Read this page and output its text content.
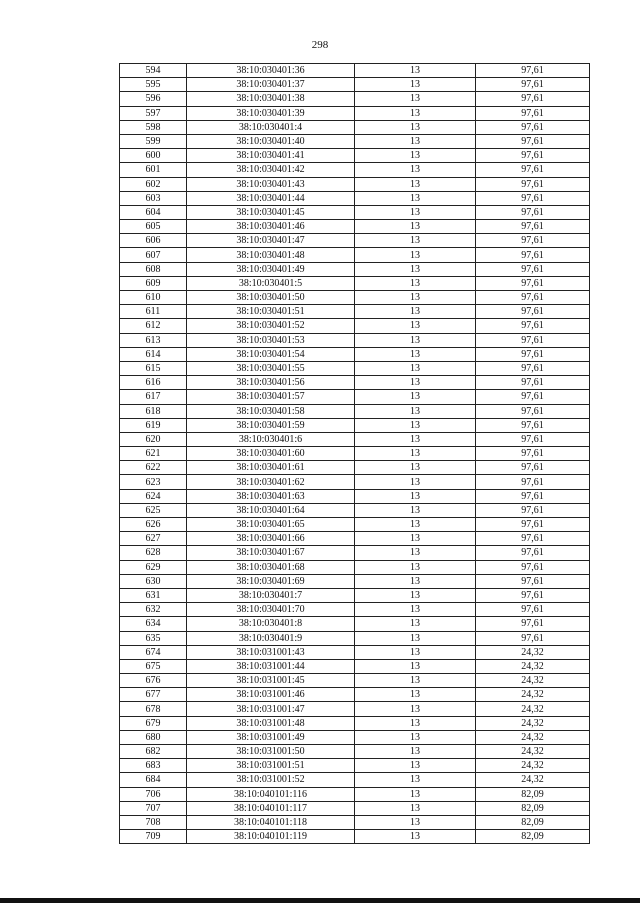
298
594	38:10:030401:36	13	97,61
595	38:10:030401:37	13	97,61
596	38:10:030401:38	13	97,61
597	38:10:030401:39	13	97,61
598	38:10:030401:4	13	97,61
599	38:10:030401:40	13	97,61
600	38:10:030401:41	13	97,61
601	38:10:030401:42	13	97,61
602	38:10:030401:43	13	97,61
603	38:10:030401:44	13	97,61
604	38:10:030401:45	13	97,61
605	38:10:030401:46	13	97,61
606	38:10:030401:47	13	97,61
607	38:10:030401:48	13	97,61
608	38:10:030401:49	13	97,61
609	38:10:030401:5	13	97,61
610	38:10:030401:50	13	97,61
611	38:10:030401:51	13	97,61
612	38:10:030401:52	13	97,61
613	38:10:030401:53	13	97,61
614	38:10:030401:54	13	97,61
615	38:10:030401:55	13	97,61
616	38:10:030401:56	13	97,61
617	38:10:030401:57	13	97,61
618	38:10:030401:58	13	97,61
619	38:10:030401:59	13	97,61
620	38:10:030401:6	13	97,61
621	38:10:030401:60	13	97,61
622	38:10:030401:61	13	97,61
623	38:10:030401:62	13	97,61
624	38:10:030401:63	13	97,61
625	38:10:030401:64	13	97,61
626	38:10:030401:65	13	97,61
627	38:10:030401:66	13	97,61
628	38:10:030401:67	13	97,61
629	38:10:030401:68	13	97,61
630	38:10:030401:69	13	97,61
631	38:10:030401:7	13	97,61
632	38:10:030401:70	13	97,61
634	38:10:030401:8	13	97,61
635	38:10:030401:9	13	97,61
674	38:10:031001:43	13	24,32
675	38:10:031001:44	13	24,32
676	38:10:031001:45	13	24,32
677	38:10:031001:46	13	24,32
678	38:10:031001:47	13	24,32
679	38:10:031001:48	13	24,32
680	38:10:031001:49	13	24,32
682	38:10:031001:50	13	24,32
683	38:10:031001:51	13	24,32
684	38:10:031001:52	13	24,32
706	38:10:040101:116	13	82,09
707	38:10:040101:117	13	82,09
708	38:10:040101:118	13	82,09
709	38:10:040101:119	13	82,09
